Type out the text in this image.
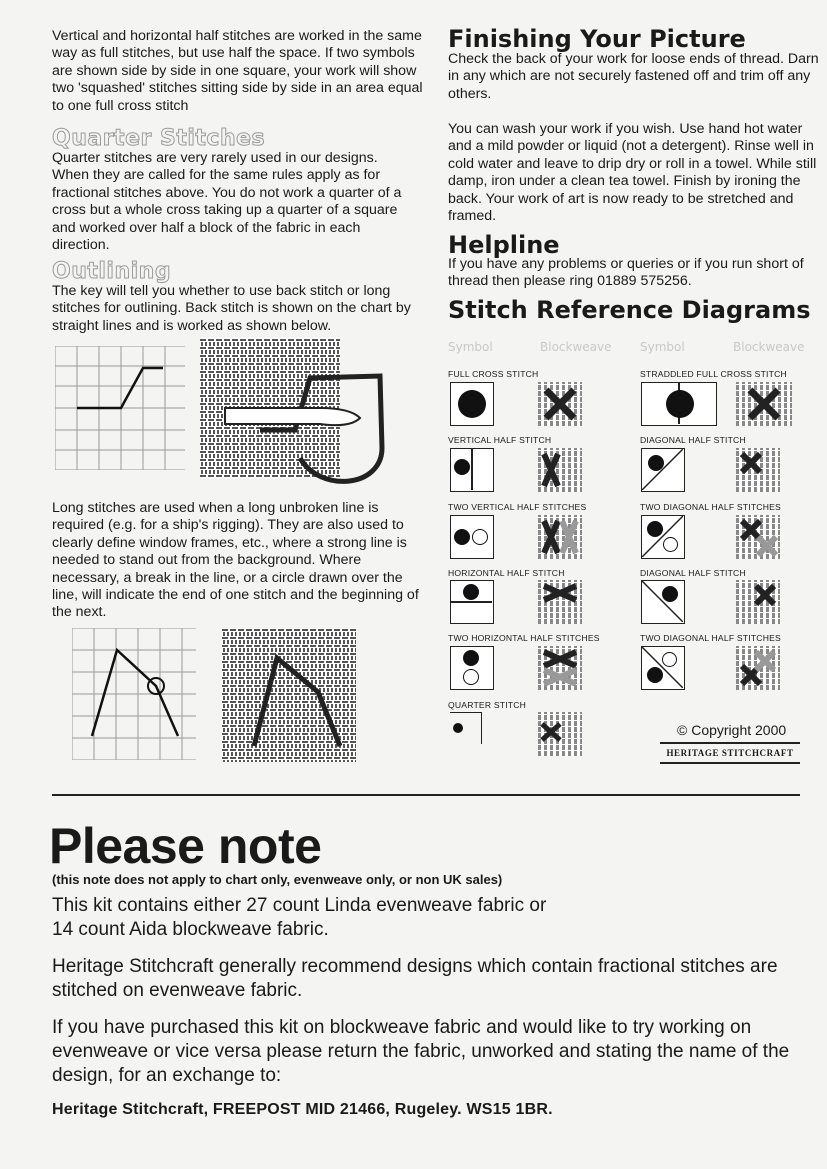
Vertical and horizontal half stitches are worked in the same way as full stitches, but use half the space. If two symbols are shown side by side in one square, your work will show two 'squashed' stitches sitting side by side in an area equal to one full cross stitch

Quarter Stitches

Quarter stitches are very rarely used in our designs. When they are called for the same rules apply as for fractional stitches above. You do not work a quarter of a cross but a whole cross taking up a quarter of a square and worked over half a block of the fabric in each direction.

Outlining

The key will tell you whether to use back stitch or long stitches for outlining. Back stitch is shown on the chart by straight lines and is worked as shown below.

Long stitches are used when a long unbroken line is required (e.g. for a ship's rigging). They are also used to clearly define window frames, etc., where a strong line is needed to stand out from the background. Where necessary, a break in the line, or a circle drawn over the line, will indicate the end of one stitch and the beginning of the next.

Finishing Your Picture

Check the back of your work for loose ends of thread. Darn in any which are not securely fastened off and trim off any others.

You can wash your work if you wish. Use hand hot water and a mild powder or liquid (not a detergent). Rinse well in cold water and leave to drip dry or roll in a towel. While still damp, iron under a clean tea towel. Finish by ironing the back. Your work of art is now ready to be stretched and framed.

Helpline

If you have any problems or queries or if you run short of thread then please ring 01889 575256.

Stitch Reference Diagrams
Symbol	Blockweave Symbol	Blockweave
FULL CROSS STITCH	STRADDLED FULL CROSS STITCH
VERTICAL HALF STITCH	DIAGONAL HALF STITCH
TWO VERTICAL HALF STITCHES	TWO DIAGONAL HALF STITCHES
HORIZONTAL HALF STITCH	DIAGONAL HALF STITCH
TWO HORIZONTAL HALF STITCHES	TWO DIAGONAL HALF STITCHES
QUARTER STITCH
© Copyright 2000
HERITAGE STITCHCRAFT
Please note
(this note does not apply to chart only, evenweave only, or non UK sales)

This kit contains either 27 count Linda evenweave fabric or

14 count Aida blockweave fabric.

Heritage Stitchcraft generally recommend designs which contain fractional stitches are stitched on evenweave fabric.

If you have purchased this kit on blockweave fabric and would like to try working on evenweave or vice versa please return the fabric, unworked and stating the name of the design, for an exchange to:

Heritage Stitchcraft, FREEPOST MID 21466, Rugeley. WS15 1BR.
